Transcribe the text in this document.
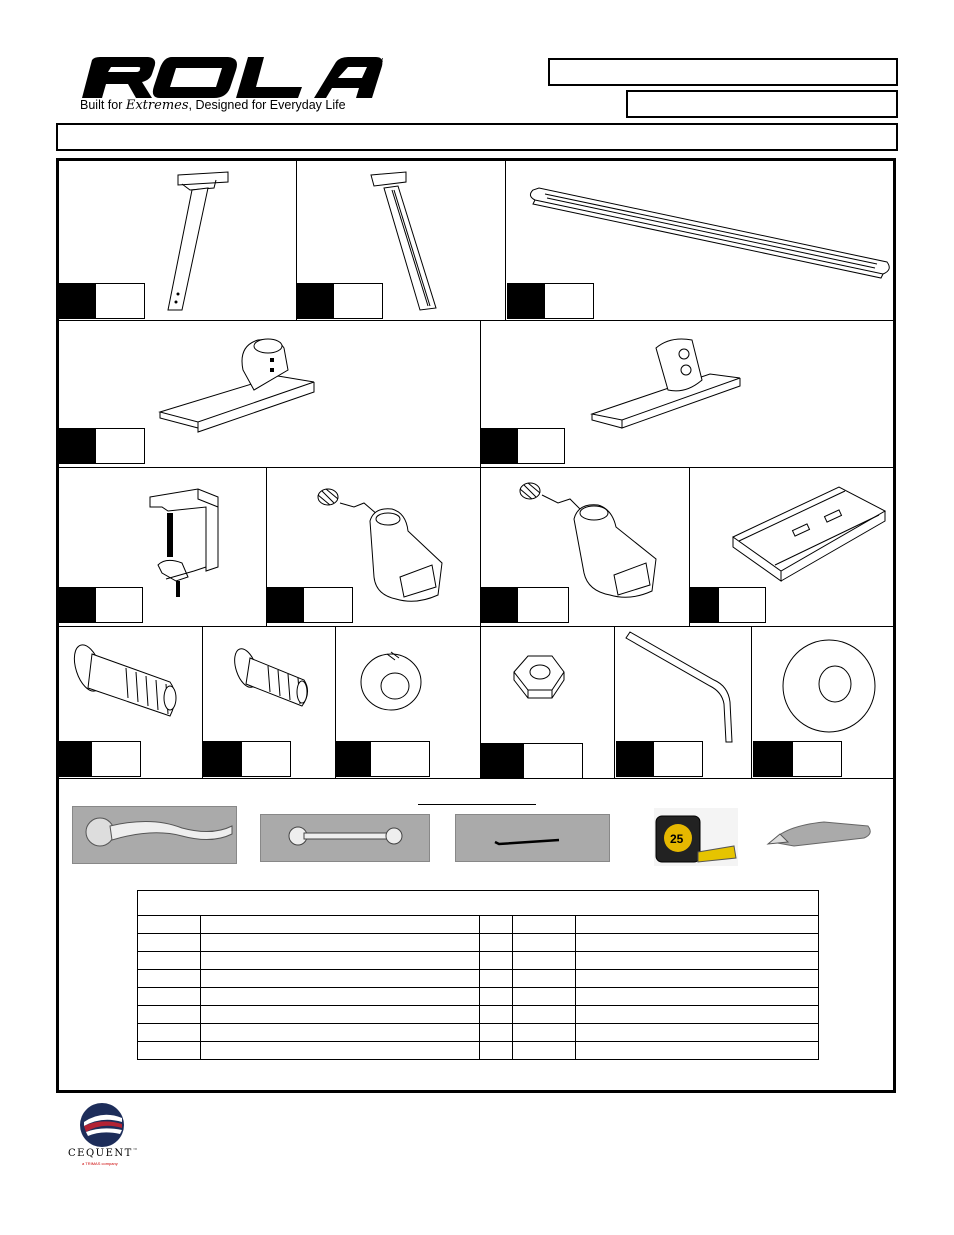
TM
Built for Extremes, Designed for Everyday Life
25

CEQUENT™
a TRIMAS company
